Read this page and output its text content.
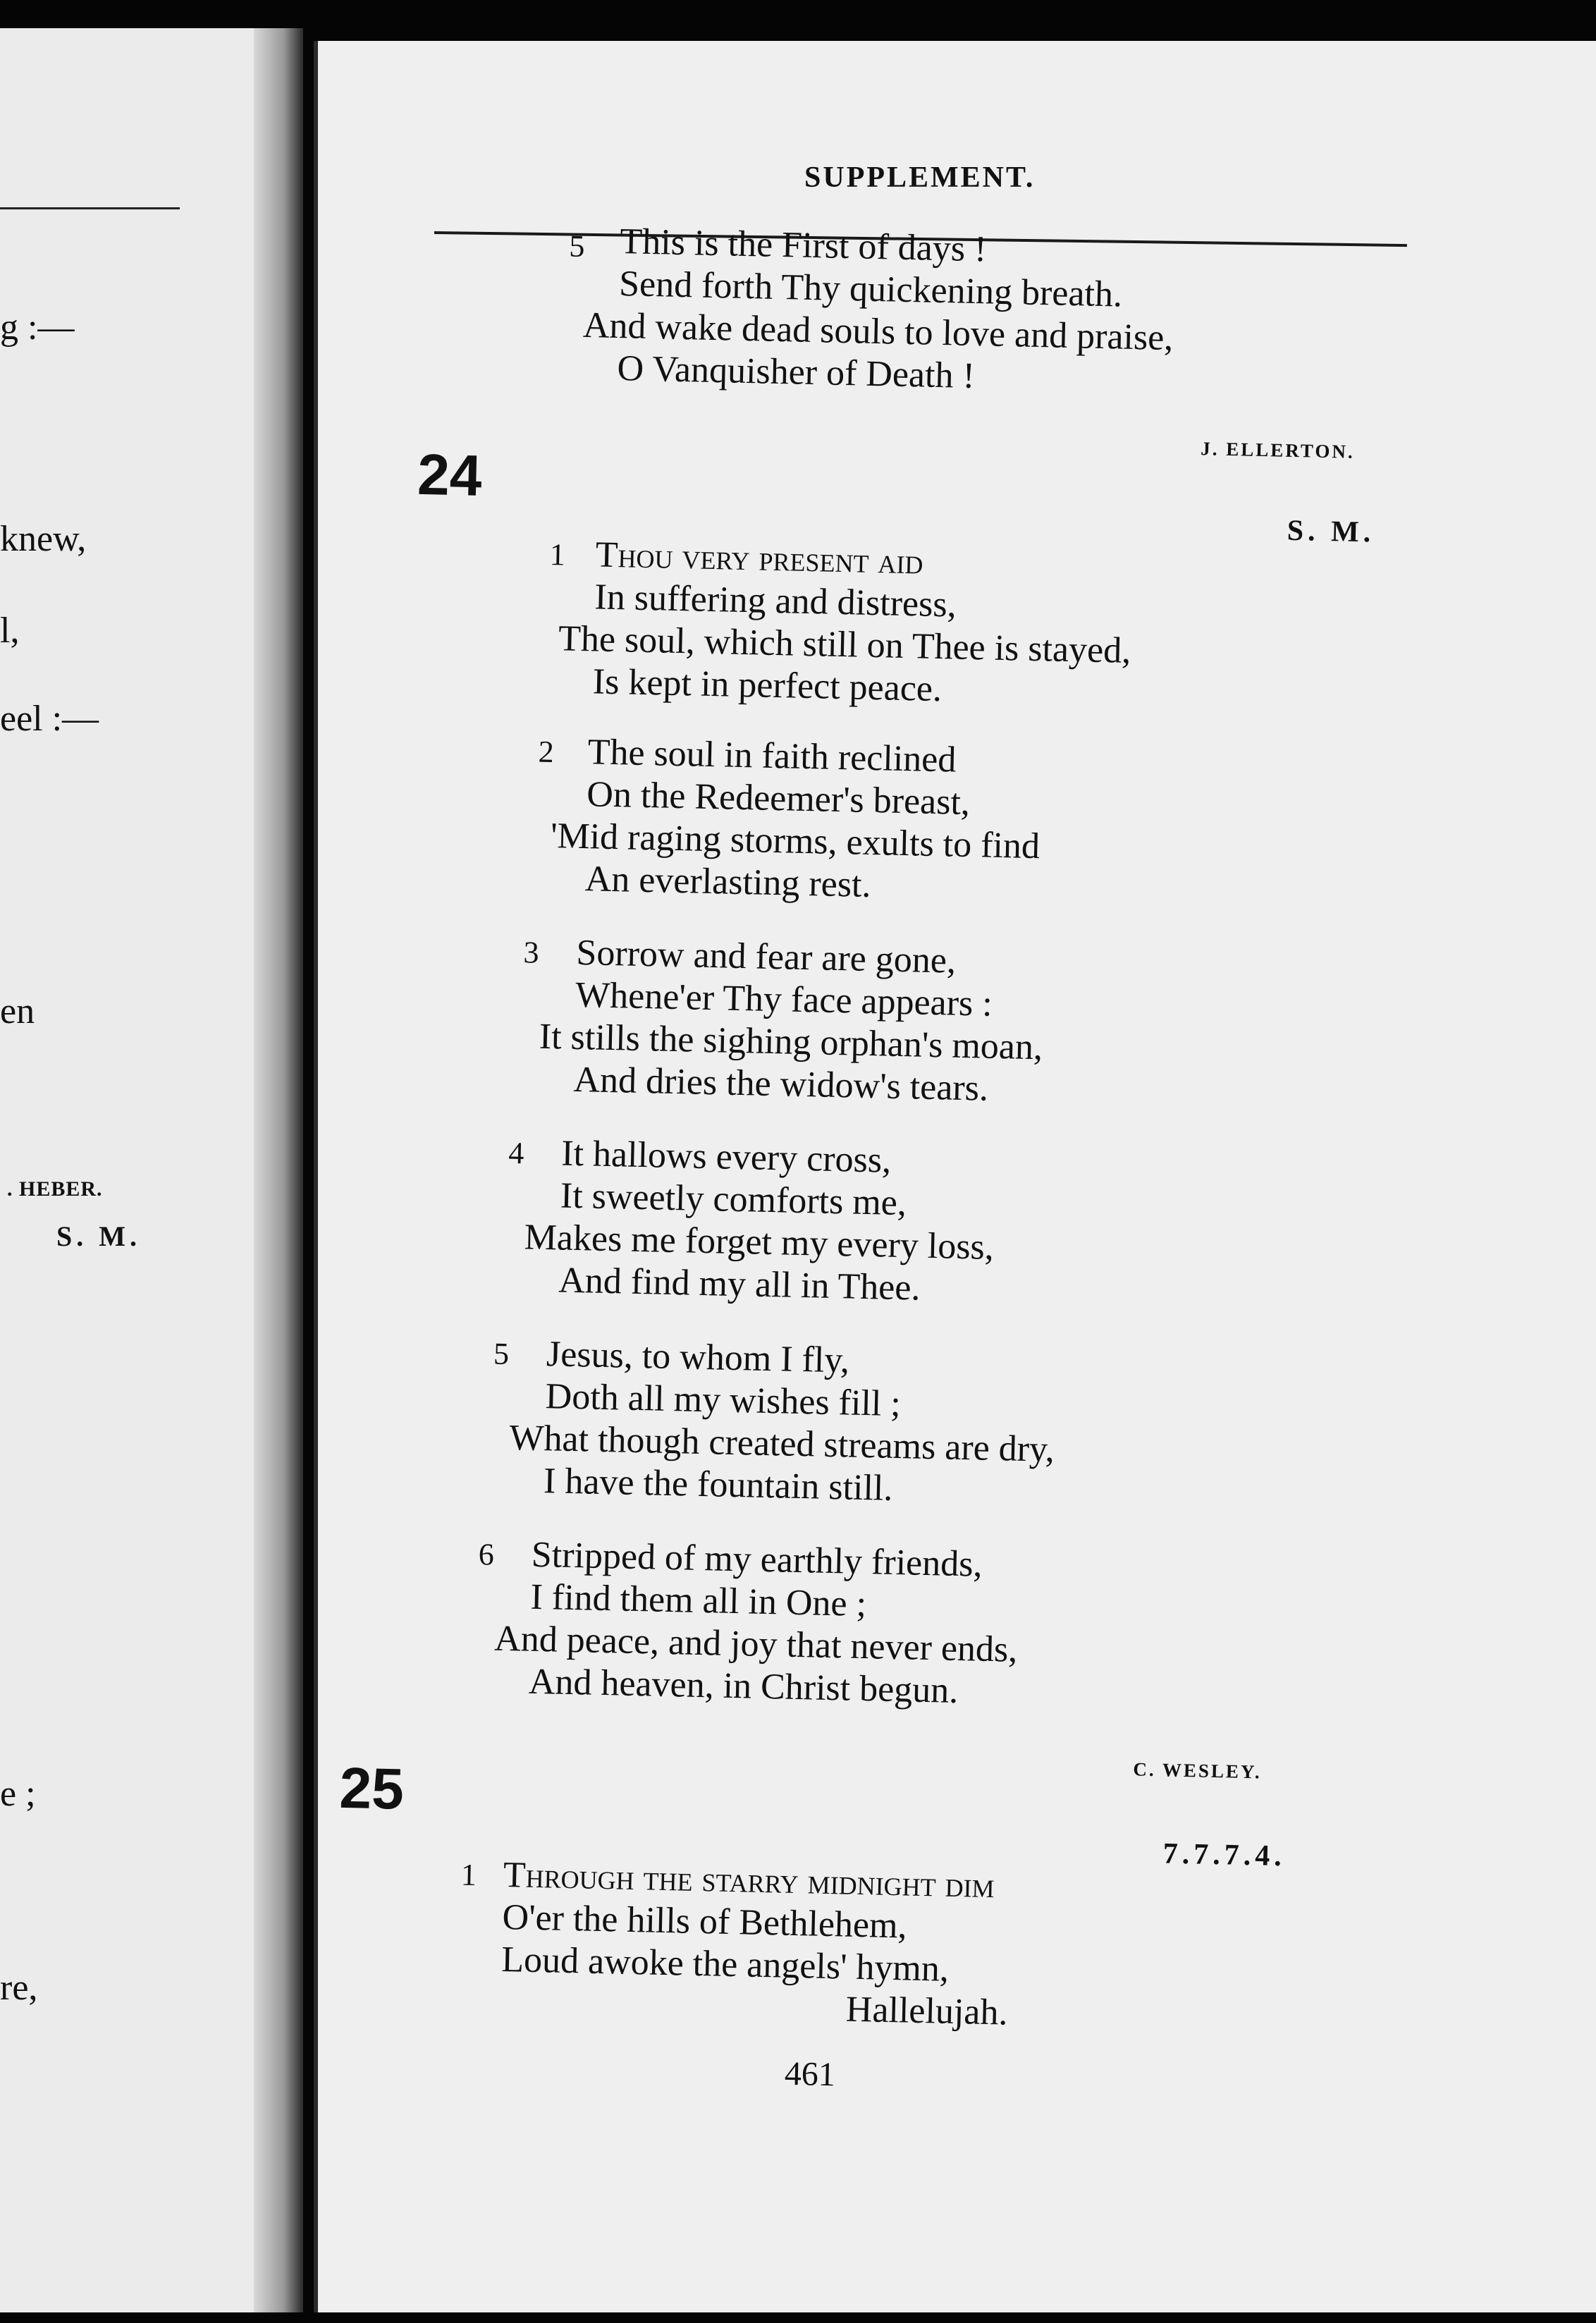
g :—
knew,
l,
eel :—
en
. HEBER.
S. M.
e ;
re,
SUPPLEMENT.
5 This is the First of days !
Send forth Thy quickening breath.
And wake dead souls to love and praise,
O Vanquisher of Death !
J. ELLERTON.
24
S. M.
1 Thou very present aid
In suffering and distress,
The soul, which still on Thee is stayed,
Is kept in perfect peace.
2 The soul in faith reclined
On the Redeemer's breast,
'Mid raging storms, exults to find
An everlasting rest.
3 Sorrow and fear are gone,
Whene'er Thy face appears :
It stills the sighing orphan's moan,
And dries the widow's tears.
4 It hallows every cross,
It sweetly comforts me,
Makes me forget my every loss,
And find my all in Thee.
5 Jesus, to whom I fly,
Doth all my wishes fill ;
What though created streams are dry,
I have the fountain still.
6 Stripped of my earthly friends,
I find them all in One ;
And peace, and joy that never ends,
And heaven, in Christ begun.
C. WESLEY.
25
7.7.7.4.
1 Through the starry midnight dim
O'er the hills of Bethlehem,
Loud awoke the angels' hymn,
Hallelujah.
461
